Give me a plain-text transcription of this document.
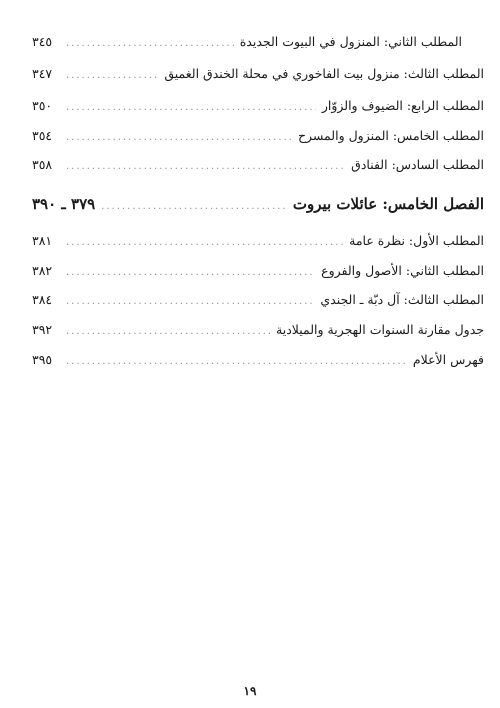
المطلب الثاني: المنزول في البيوت الجديدة
.....
٣٤٥
المطلب الثالث: منزول بيت الفاخوري في محلة الخندق الغميق
.....
٣٤٧
المطلب الرابع: الضيوف والزوّار
.....
٣٥٠
المطلب الخامس: المنزول والمسرح
.....
٣٥٤
المطلب السادس: الفنادق
.....
٣٥٨
الفصل الخامس: عائلات بيروت
.....
٣٧٩ ـ ٣٩٠
المطلب الأول: نظرة عامة
.....
٣٨١
المطلب الثاني: الأصول والفروع
.....
٣٨٢
المطلب الثالث: آل دبّة ـ الجندي
.....
٣٨٤
جدول مقارنة السنوات الهجرية والميلادية
.....
٣٩٢
فهرس الأعلام
.....
٣٩٥
١٩
